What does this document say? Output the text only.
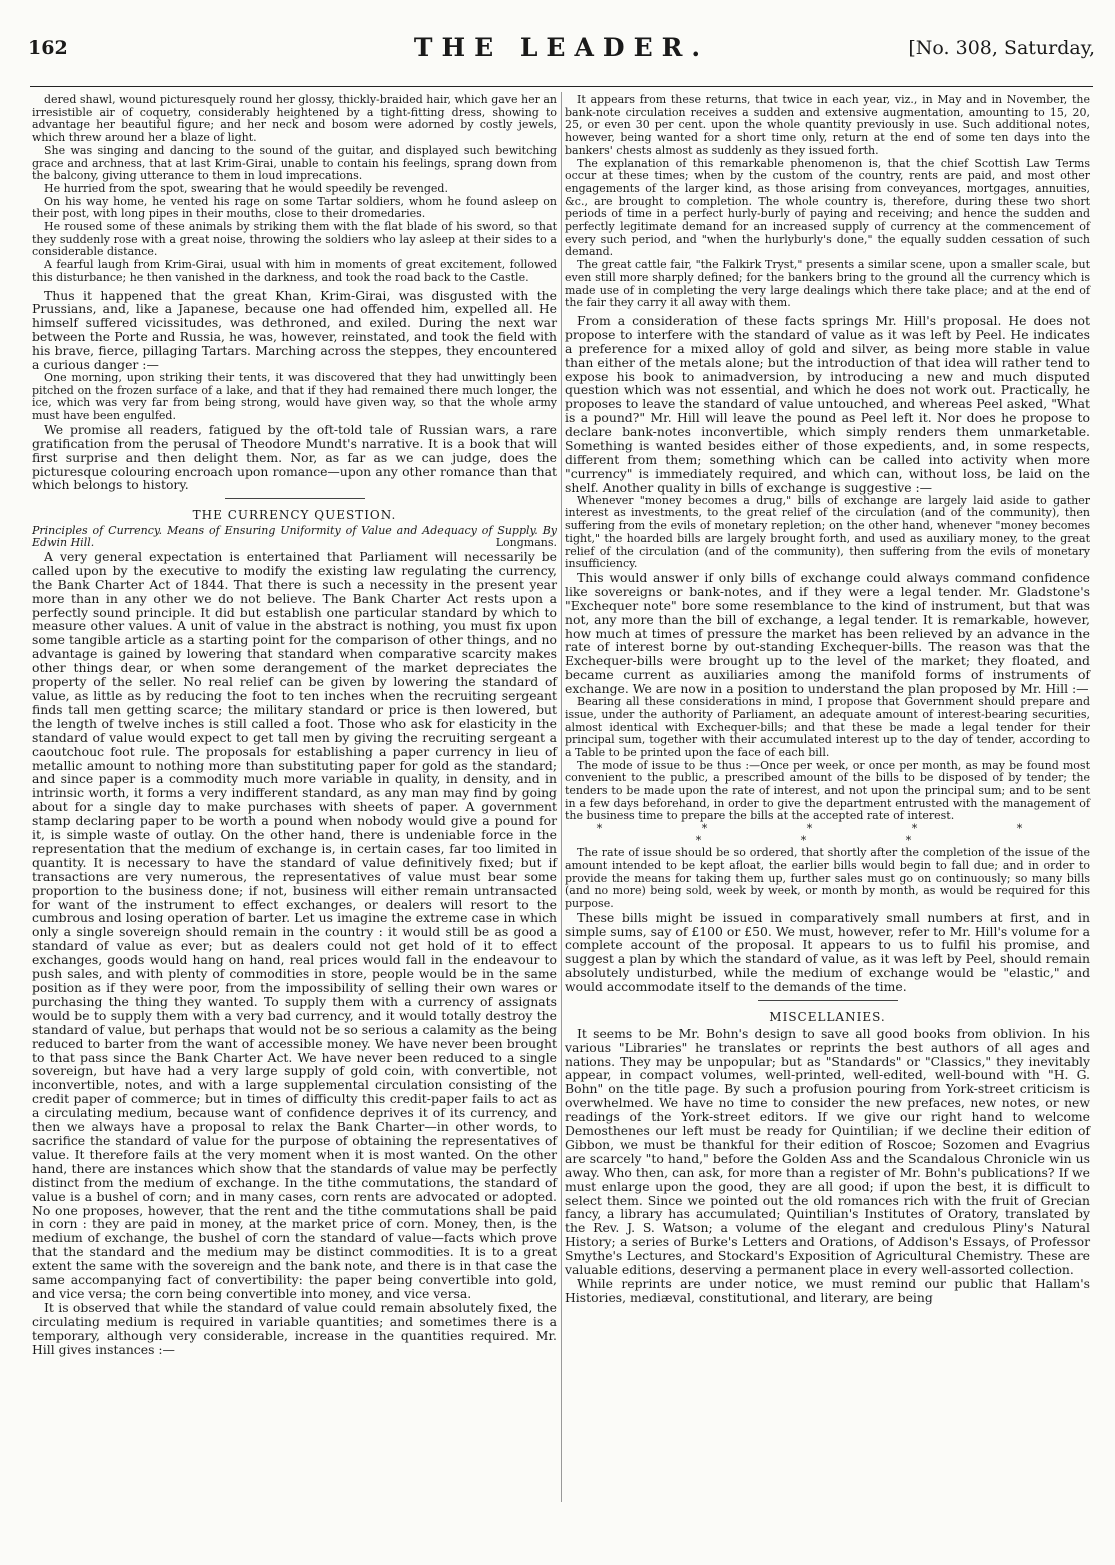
162	THE LEADER.	[No. 308, Saturday,

dered shawl, wound picturesquely round her glossy, thickly-braided hair, which gave her an irresistible air of coquetry, considerably heightened by a tight-fitting dress, showing to advantage her beautiful figure; and her neck and bosom were adorned by costly jewels, which threw around her a blaze of light.

She was singing and dancing to the sound of the guitar, and displayed such bewitching grace and archness, that at last Krim-Girai, unable to contain his feelings, sprang down from the balcony, giving utterance to them in loud imprecations.

He hurried from the spot, swearing that he would speedily be revenged.

On his way home, he vented his rage on some Tartar soldiers, whom he found asleep on their post, with long pipes in their mouths, close to their dromedaries.

He roused some of these animals by striking them with the flat blade of his sword, so that they suddenly rose with a great noise, throwing the soldiers who lay asleep at their sides to a considerable distance.

A fearful laugh from Krim-Girai, usual with him in moments of great excitement, followed this disturbance; he then vanished in the darkness, and took the road back to the Castle.

Thus it happened that the great Khan, Krim-Girai, was disgusted with the Prussians, and, like a Japanese, because one had offended him, expelled all. He himself suffered vicissitudes, was dethroned, and exiled. During the next war between the Porte and Russia, he was, however, reinstated, and took the field with his brave, fierce, pillaging Tartars. Marching across the steppes, they encountered a curious danger :—

One morning, upon striking their tents, it was discovered that they had unwittingly been pitched on the frozen surface of a lake, and that if they had remained there much longer, the ice, which was very far from being strong, would have given way, so that the whole army must have been engulfed.

We promise all readers, fatigued by the oft-told tale of Russian wars, a rare gratification from the perusal of Theodore Mundt's narrative. It is a book that will first surprise and then delight them. Nor, as far as we can judge, does the picturesque colouring encroach upon romance—upon any other romance than that which belongs to history.

THE CURRENCY QUESTION.
Principles of Currency. Means of Ensuring Uniformity of Value and Adequacy of Supply. By Edwin Hill.	Longmans.

A very general expectation is entertained that Parliament will necessarily be called upon by the executive to modify the existing law regulating the currency, the Bank Charter Act of 1844. That there is such a necessity in the present year more than in any other we do not believe. The Bank Charter Act rests upon a perfectly sound principle. It did but establish one particular standard by which to measure other values. A unit of value in the abstract is nothing, you must fix upon some tangible article as a starting point for the comparison of other things, and no advantage is gained by lowering that standard when comparative scarcity makes other things dear, or when some derangement of the market depreciates the property of the seller. No real relief can be given by lowering the standard of value, as little as by reducing the foot to ten inches when the recruiting sergeant finds tall men getting scarce; the military standard or price is then lowered, but the length of twelve inches is still called a foot. Those who ask for elasticity in the standard of value would expect to get tall men by giving the recruiting sergeant a caoutchouc foot rule. The proposals for establishing a paper currency in lieu of metallic amount to nothing more than substituting paper for gold as the standard; and since paper is a commodity much more variable in quality, in density, and in intrinsic worth, it forms a very indifferent standard, as any man may find by going about for a single day to make purchases with sheets of paper. A government stamp declaring paper to be worth a pound when nobody would give a pound for it, is simple waste of outlay. On the other hand, there is undeniable force in the representation that the medium of exchange is, in certain cases, far too limited in quantity. It is necessary to have the standard of value definitively fixed; but if transactions are very numerous, the representatives of value must bear some proportion to the business done; if not, business will either remain untransacted for want of the instrument to effect exchanges, or dealers will resort to the cumbrous and losing operation of barter. Let us imagine the extreme case in which only a single sovereign should remain in the country : it would still be as good a standard of value as ever; but as dealers could not get hold of it to effect exchanges, goods would hang on hand, real prices would fall in the endeavour to push sales, and with plenty of commodities in store, people would be in the same position as if they were poor, from the impossibility of selling their own wares or purchasing the thing they wanted. To supply them with a currency of assignats would be to supply them with a very bad currency, and it would totally destroy the standard of value, but perhaps that would not be so serious a calamity as the being reduced to barter from the want of accessible money. We have never been brought to that pass since the Bank Charter Act. We have never been reduced to a single sovereign, but have had a very large supply of gold coin, with convertible, not inconvertible, notes, and with a large supplemental circulation consisting of the credit paper of commerce; but in times of difficulty this credit-paper fails to act as a circulating medium, because want of confidence deprives it of its currency, and then we always have a proposal to relax the Bank Charter—in other words, to sacrifice the standard of value for the purpose of obtaining the representatives of value. It therefore fails at the very moment when it is most wanted. On the other hand, there are instances which show that the standards of value may be perfectly distinct from the medium of exchange. In the tithe commutations, the standard of value is a bushel of corn; and in many cases, corn rents are advocated or adopted. No one proposes, however, that the rent and the tithe commutations shall be paid in corn : they are paid in money, at the market price of corn. Money, then, is the medium of exchange, the bushel of corn the standard of value—facts which prove that the standard and the medium may be distinct commodities. It is to a great extent the same with the sovereign and the bank note, and there is in that case the same accompanying fact of convertibility: the paper being convertible into gold, and vice versa; the corn being convertible into money, and vice versa.

It is observed that while the standard of value could remain absolutely fixed, the circulating medium is required in variable quantities; and sometimes there is a temporary, although very considerable, increase in the quantities required. Mr. Hill gives instances :—

It appears from these returns, that twice in each year, viz., in May and in November, the bank-note circulation receives a sudden and extensive augmentation, amounting to 15, 20, 25, or even 30 per cent. upon the whole quantity previously in use. Such additional notes, however, being wanted for a short time only, return at the end of some ten days into the bankers' chests almost as suddenly as they issued forth.

The explanation of this remarkable phenomenon is, that the chief Scottish Law Terms occur at these times; when by the custom of the country, rents are paid, and most other engagements of the larger kind, as those arising from conveyances, mortgages, annuities, &c., are brought to completion. The whole country is, therefore, during these two short periods of time in a perfect hurly-burly of paying and receiving; and hence the sudden and perfectly legitimate demand for an increased supply of currency at the commencement of every such period, and "when the hurlyburly's done," the equally sudden cessation of such demand.

The great cattle fair, "the Falkirk Tryst," presents a similar scene, upon a smaller scale, but even still more sharply defined; for the bankers bring to the ground all the currency which is made use of in completing the very large dealings which there take place; and at the end of the fair they carry it all away with them.

From a consideration of these facts springs Mr. Hill's proposal. He does not propose to interfere with the standard of value as it was left by Peel. He indicates a preference for a mixed alloy of gold and silver, as being more stable in value than either of the metals alone; but the introduction of that idea will rather tend to expose his book to animadversion, by introducing a new and much disputed question which was not essential, and which he does not work out. Practically, he proposes to leave the standard of value untouched, and whereas Peel asked, "What is a pound?" Mr. Hill will leave the pound as Peel left it. Nor does he propose to declare bank-notes inconvertible, which simply renders them unmarketable. Something is wanted besides either of those expedients, and, in some respects, different from them; something which can be called into activity when more "currency" is immediately required, and which can, without loss, be laid on the shelf. Another quality in bills of exchange is suggestive :—

Whenever "money becomes a drug," bills of exchange are largely laid aside to gather interest as investments, to the great relief of the circulation (and of the community), then suffering from the evils of monetary repletion; on the other hand, whenever "money becomes tight," the hoarded bills are largely brought forth, and used as auxiliary money, to the great relief of the circulation (and of the community), then suffering from the evils of monetary insufficiency.

This would answer if only bills of exchange could always command confidence like sovereigns or bank-notes, and if they were a legal tender. Mr. Gladstone's "Exchequer note" bore some resemblance to the kind of instrument, but that was not, any more than the bill of exchange, a legal tender. It is remarkable, however, how much at times of pressure the market has been relieved by an advance in the rate of interest borne by out-standing Exchequer-bills. The reason was that the Exchequer-bills were brought up to the level of the market; they floated, and became current as auxiliaries among the manifold forms of instruments of exchange. We are now in a position to understand the plan proposed by Mr. Hill :—

Bearing all these considerations in mind, I propose that Government should prepare and issue, under the authority of Parliament, an adequate amount of interest-bearing securities, almost identical with Exchequer-bills; and that these be made a legal tender for their principal sum, together with their accumulated interest up to the day of tender, according to a Table to be printed upon the face of each bill.

The mode of issue to be thus :—Once per week, or once per month, as may be found most convenient to the public, a prescribed amount of the bills to be disposed of by tender; the tenders to be made upon the rate of interest, and not upon the principal sum; and to be sent in a few days beforehand, in order to give the department entrusted with the management of the business time to prepare the bills at the accepted rate of interest.

* * * * * * * *

The rate of issue should be so ordered, that shortly after the completion of the issue of the amount intended to be kept afloat, the earlier bills would begin to fall due; and in order to provide the means for taking them up, further sales must go on continuously; so many bills (and no more) being sold, week by week, or month by month, as would be required for this purpose.

These bills might be issued in comparatively small numbers at first, and in simple sums, say of £100 or £50. We must, however, refer to Mr. Hill's volume for a complete account of the proposal. It appears to us to fulfil his promise, and suggest a plan by which the standard of value, as it was left by Peel, should remain absolutely undisturbed, while the medium of exchange would be "elastic," and would accommodate itself to the demands of the time.

MISCELLANIES.

It seems to be Mr. Bohn's design to save all good books from oblivion. In his various "Libraries" he translates or reprints the best authors of all ages and nations. They may be unpopular; but as "Standards" or "Classics," they inevitably appear, in compact volumes, well-printed, well-edited, well-bound with "H. G. Bohn" on the title page. By such a profusion pouring from York-street criticism is overwhelmed. We have no time to consider the new prefaces, new notes, or new readings of the York-street editors. If we give our right hand to welcome Demosthenes our left must be ready for Quintilian; if we decline their edition of Gibbon, we must be thankful for their edition of Roscoe; Sozomen and Evagrius are scarcely "to hand," before the Golden Ass and the Scandalous Chronicle win us away. Who then, can ask, for more than a register of Mr. Bohn's publications? If we must enlarge upon the good, they are all good; if upon the best, it is difficult to select them. Since we pointed out the old romances rich with the fruit of Grecian fancy, a library has accumulated; Quintilian's Institutes of Oratory, translated by the Rev. J. S. Watson; a volume of the elegant and credulous Pliny's Natural History; a series of Burke's Letters and Orations, of Addison's Essays, of Professor Smythe's Lectures, and Stockard's Exposition of Agricultural Chemistry. These are valuable editions, deserving a permanent place in every well-assorted collection.

While reprints are under notice, we must remind our public that Hallam's Histories, mediæval, constitutional, and literary, are being
